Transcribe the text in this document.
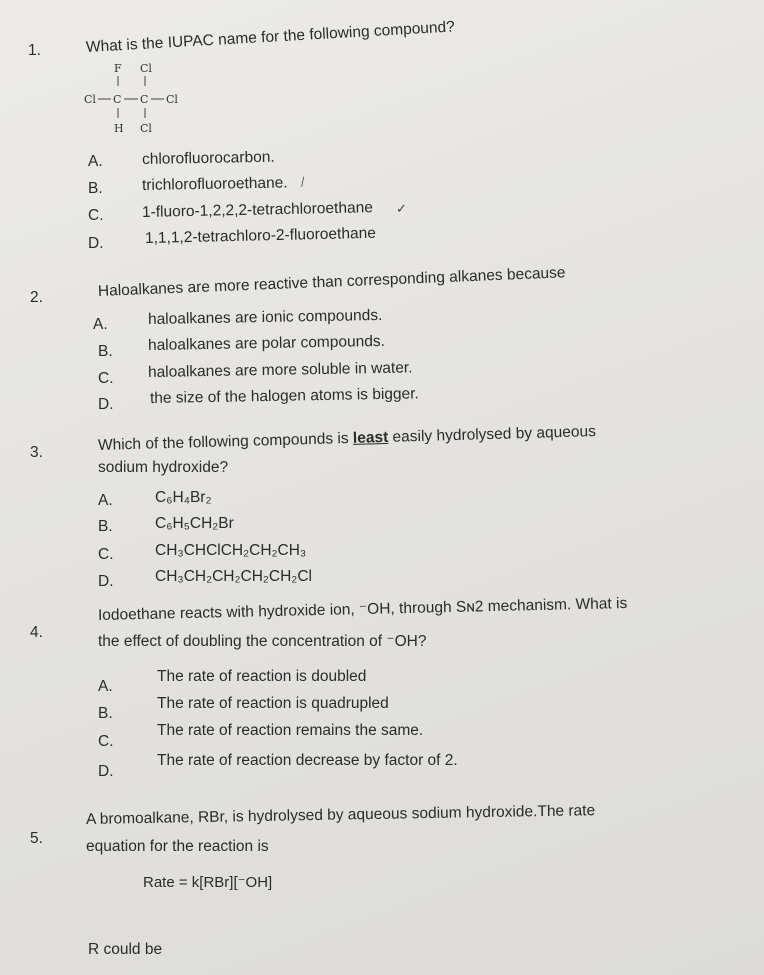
1.	What is the IUPAC name for the following compound?
F Cl
Cl C C Cl
H Cl
A.	chlorofluorocarbon.
B.	trichlorofluoroethane. ⁄
C. 1-fluoro-1,2,2,2-tetrachloroethane ✓
D.	1,1,1,2-tetrachloro-2-fluoroethane
2.	Haloalkanes are more reactive than corresponding alkanes because
A.	haloalkanes are ionic compounds.
B. haloalkanes are polar compounds.
C. haloalkanes are more soluble in water.
D. the size of the halogen atoms is bigger.
3.	Which of the following compounds is least easily hydrolysed by aqueous
sodium hydroxide?
A.	C₆H₄Br₂
B.	C₆H₅CH₂Br
C.	CH₃CHClCH₂CH₂CH₃
D.	CH₃CH₂CH₂CH₂CH₂Cl
4.
Iodoethane reacts with hydroxide ion, ⁻OH, through Sɴ2 mechanism. What is
the effect of doubling the concentration of ⁻OH?
A.
The rate of reaction is doubled
B.
The rate of reaction is quadrupled
C.
The rate of reaction remains the same.
D.
The rate of reaction decrease by factor of 2.
5.
A bromoalkane, RBr, is hydrolysed by aqueous sodium hydroxide.The rate
equation for the reaction is
Rate = k[RBr][⁻OH]
R could be
